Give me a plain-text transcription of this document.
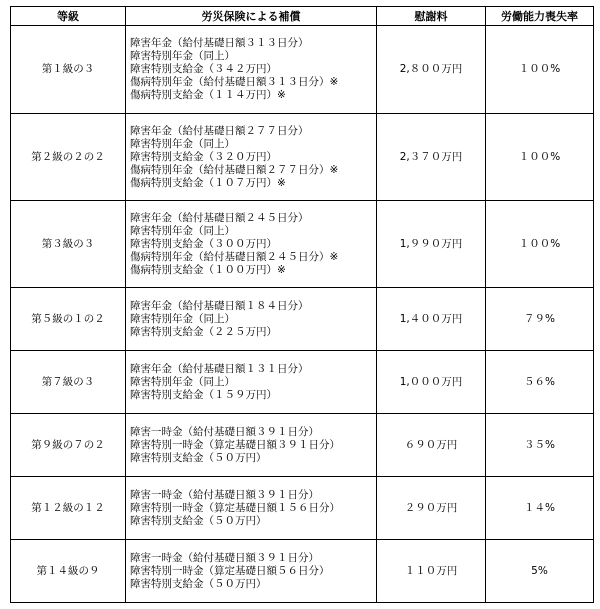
等級	労災保険による補償	慰謝料	労働能力喪失率
第１級の３	障害年金（給付基礎日額３１３日分）
障害特別年金（同上）
障害特別支給金（３４２万円）
傷病特別年金（給付基礎日額３１３日分）※
傷病特別支給金（１１４万円）※	2,８００万円	１００%
第２級の２の２	障害年金（給付基礎日額２７７日分）
障害特別年金（同上）
障害特別支給金（３２０万円）
傷病特別年金（給付基礎日額２７７日分）※
傷病特別支給金（１０７万円）※	2,３７０万円	１００%
第３級の３	障害年金（給付基礎日額２４５日分）
障害特別年金（同上）
障害特別支給金（３００万円）
傷病特別年金（給付基礎日額２４５日分）※
傷病特別支給金（１００万円）※	1,９９０万円	１００%
第５級の１の２	障害年金（給付基礎日額１８４日分）
障害特別年金（同上）
障害特別支給金（２２５万円）	1,４００万円	７９%
第７級の３	障害年金（給付基礎日額１３１日分）
障害特別年金（同上）
障害特別支給金（１５９万円）	1,０００万円	５６%
第９級の７の２	障害一時金（給付基礎日額３９１日分）
障害特別一時金（算定基礎日額３９１日分）
障害特別支給金（５０万円）	６９０万円	３５%
第１２級の１２	障害一時金（給付基礎日額３９１日分）
障害特別一時金（算定基礎日額１５６日分）
障害特別支給金（５０万円）	２９０万円	１４%
第１４級の９	障害一時金（給付基礎日額３９１日分）
障害特別一時金（算定基礎日額５６日分）
障害特別支給金（５０万円）	１１０万円	5%
